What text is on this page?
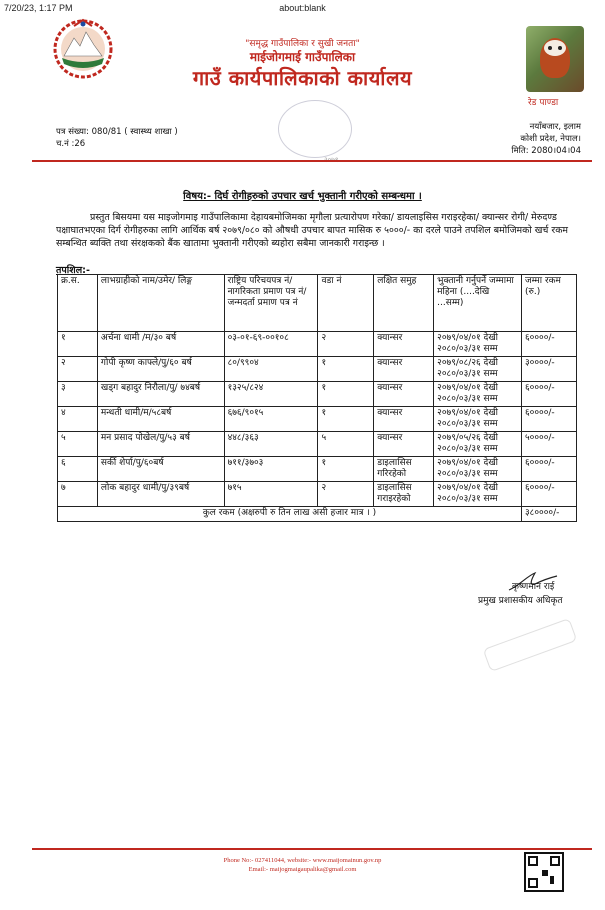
7/20/23, 1:17 PM	about:blank
"समृद्ध गाउँपालिका र सुखी जनता"
माईजोगमाई गाउँपालिका
गाउँ कार्यपालिकाको कार्यालय
रेड पाण्डा
पत्र संख्या: 080/81 ( स्वास्थ्य शाखा )
च.नं :26
नयाँबजार, इलाम
कोशी प्रदेश, नेपाल।
मिति: 2080।04।04
विषय:- दिर्घ रोगीहरुको उपचार खर्च भुक्तानी गरीएको सम्बन्धमा ।
प्रस्तुत बिसयमा यस माइजोगमाइ गाउँपालिकामा देहायबमोजिमका मृगौला प्रत्यारोपण गरेका/ डायलाइसिस गराइरहेका/ क्यान्सर रोगी/ मेरुदण्ड पक्षाघातभएका दिर्ग रोगीहरुका लागि आर्थिक बर्ष २०७९/०८० को औषधी उपचार बापत मासिक रु ५०००/- का दरले पाउने तपशिल बमोजिमको खर्च रकम सम्बन्धित ब्यक्ति तथा संरक्षकको बैंक खातामा भुक्तानी गरीएको ब्यहोरा सबैमा जानकारी गराइन्छ ।
तपशिल:-
क्र.स.	लाभग्राहीको नाम/उमेर/ लिङ्ग	राष्ट्रिय परिचयपत्र नं/ नागरिकता प्रमाण पत्र नं/ जन्मदर्ता प्रमाण पत्र नं	वडा नं	लक्षित समुह	भुक्तानी गर्नुपर्ने जम्मामा महिना (....देखि ...सम्म)	जम्मा रकम (रु.)
१	अर्चना धामी /म/३० बर्ष	०३-०१-६९-००१०८	२	क्यान्सर	२०७९/०४/०१ देखी २०८०/०३/३१ सम्म	६००००/-
२	गोपी कृष्ण काफ्ले/पु/६० बर्ष	८०/९९०४	१	क्यान्सर	२०७९/०८/२६ देखी २०८०/०३/३१ सम्म	३००००/-
३	खड्ग बहादुर निरौला/पु/ ७४बर्ष	१३२५/८२४	१	क्यान्सर	२०७९/०४/०१ देखी २०८०/०३/३१ सम्म	६००००/-
४	मन्धती धामी/म/५८बर्ष	६७६/९०१५	१	क्यान्सर	२०७९/०४/०१ देखी २०८०/०३/३१ सम्म	६००००/-
५	मन प्रसाद पोखेल/पु/५३ बर्ष	४४८/३६३	५	क्यान्सर	२०७९/०५/२६ देखी २०८०/०३/३१ सम्म	५००००/-
६	सर्की शेर्पा/पु/६०बर्ष	७११/३७०३	१	डाइलासिस गरिरहेको	२०७९/०४/०१ देखी २०८०/०३/३१ सम्म	६००००/-
७	लोक बहादुर धामी/पु/३९बर्ष	७१५	२	डाइलासिस गराइरहेको	२०७९/०४/०१ देखी २०८०/०३/३१ सम्म	६००००/-
कुल रकम (अक्षरुपी रु तिन लाख असी हजार मात्र । )						३८००००/-
कृष्णमान राई
प्रमुख प्रशासकीय अधिकृत
Phone No:- 027411044, website:- www.maijomainun.gov.np
Email:- maijogmaigaupalika@gmail.com
